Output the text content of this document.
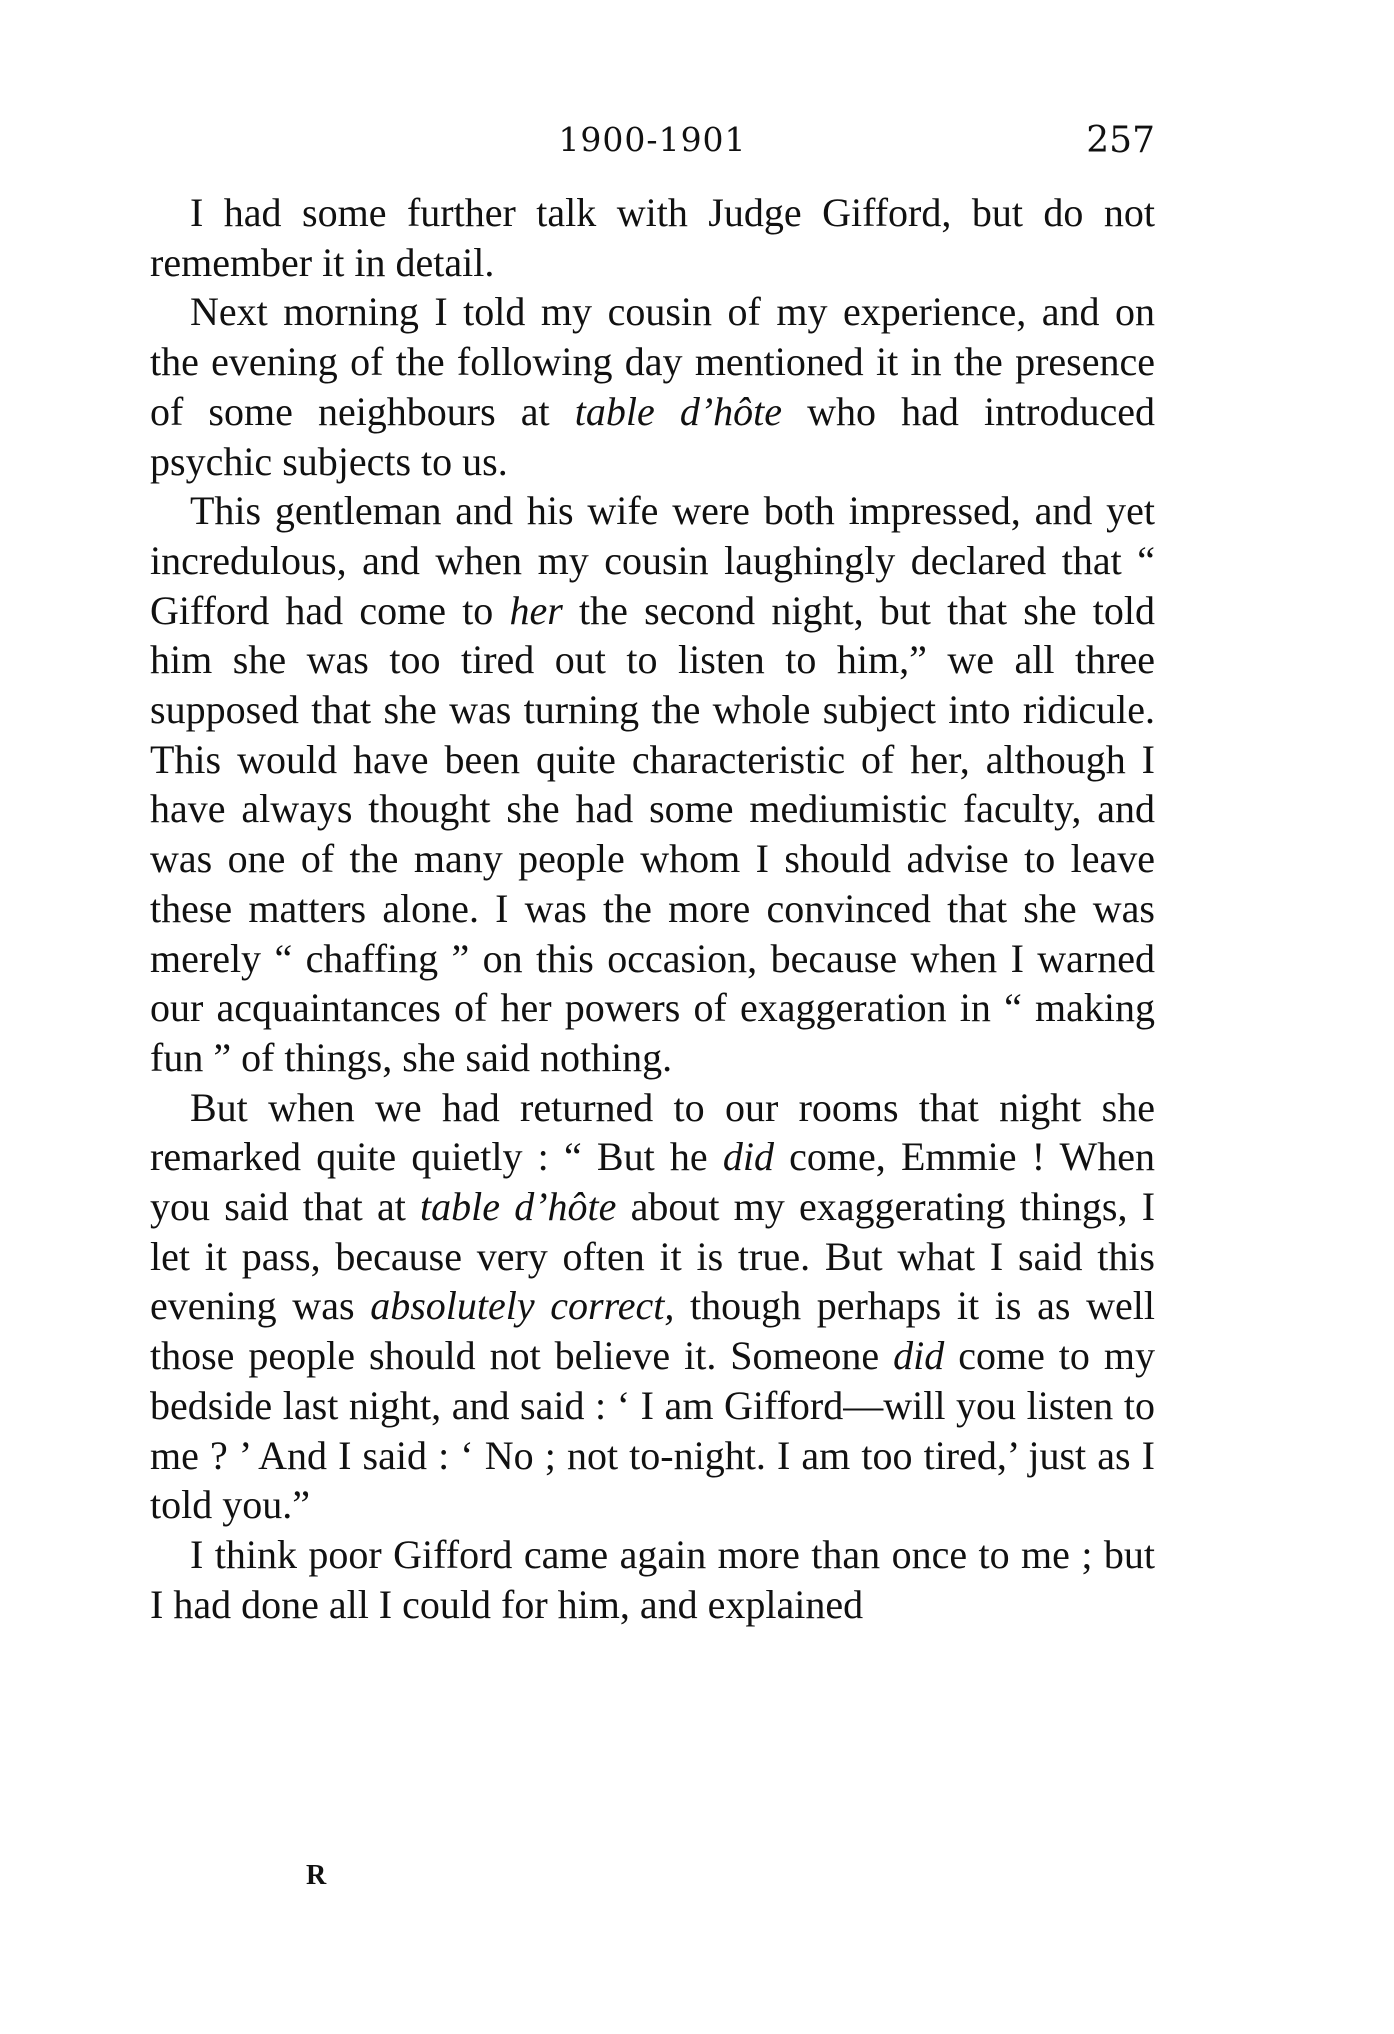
1900-1901	257

I had some further talk with Judge Gifford, but do not remember it in detail.

Next morning I told my cousin of my experience, and on the evening of the following day mentioned it in the presence of some neighbours at table d’hôte who had introduced psychic subjects to us.

This gentleman and his wife were both impressed, and yet incredulous, and when my cousin laughingly declared that “ Gifford had come to her the second night, but that she told him she was too tired out to listen to him,” we all three supposed that she was turning the whole subject into ridicule. This would have been quite characteristic of her, although I have always thought she had some mediumistic faculty, and was one of the many people whom I should advise to leave these matters alone. I was the more convinced that she was merely “ chaffing ” on this occasion, because when I warned our acquaintances of her powers of exaggeration in “ making fun ” of things, she said nothing.

But when we had returned to our rooms that night she remarked quite quietly : “ But he did come, Emmie ! When you said that at table d’hôte about my exaggerating things, I let it pass, because very often it is true. But what I said this evening was absolutely correct, though perhaps it is as well those people should not believe it. Someone did come to my bedside last night, and said : ‘ I am Gifford—will you listen to me ? ’ And I said : ‘ No ; not to-night. I am too tired,’ just as I told you.”

I think poor Gifford came again more than once to me ; but I had done all I could for him, and explained

R
